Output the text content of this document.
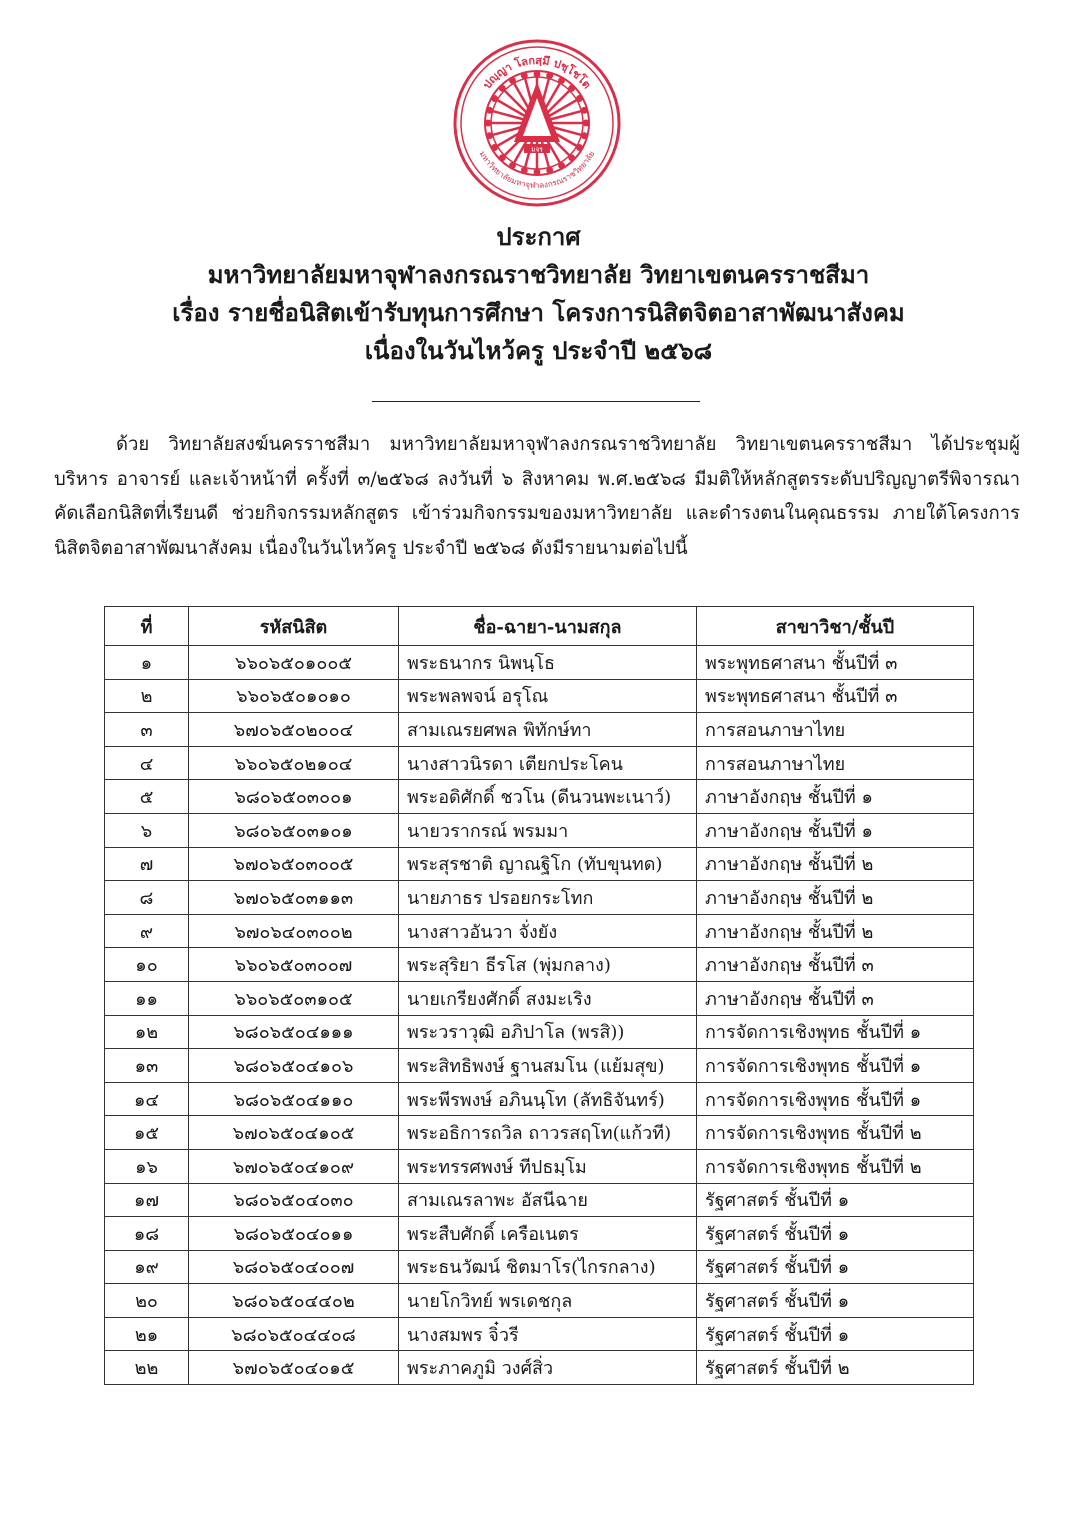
มจร
ปญฺญา โลกสฺมึ ปชฺโชโต
มหาวิทยาลัยมหาจุฬาลงกรณราชวิทยาลัย

ประกาศ

มหาวิทยาลัยมหาจุฬาลงกรณราชวิทยาลัย วิทยาเขตนครราชสีมา

เรื่อง รายชื่อนิสิตเข้ารับทุนการศึกษา โครงการนิสิตจิตอาสาพัฒนาสังคม

เนื่องในวันไหว้ครู ประจำปี ๒๕๖๘

ด้วย วิทยาลัยสงฆ์นครราชสีมา มหาวิทยาลัยมหาจุฬาลงกรณราชวิทยาลัย วิทยาเขตนครราชสีมา ได้ประชุมผู้บริหาร อาจารย์ และเจ้าหน้าที่ ครั้งที่ ๓/๒๕๖๘ ลงวันที่ ๖ สิงหาคม พ.ศ.๒๕๖๘ มีมติให้หลักสูตรระดับปริญญาตรีพิจารณาคัดเลือกนิสิตที่เรียนดี ช่วยกิจกรรมหลักสูตร เข้าร่วมกิจกรรมของมหาวิทยาลัย และดำรงตนในคุณธรรม ภายใต้โครงการนิสิตจิตอาสาพัฒนาสังคม เนื่องในวันไหว้ครู ประจำปี ๒๕๖๘ ดังมีรายนามต่อไปนี้
ที่	รหัสนิสิต	ชื่อ-ฉายา-นามสกุล	สาขาวิชา/ชั้นปี
๑	๖๖๐๖๕๐๑๐๐๕	พระธนากร นิพนฺโธ	พระพุทธศาสนา ชั้นปีที่ ๓
๒	๖๖๐๖๕๐๑๐๑๐	พระพลพจน์ อรุโณ	พระพุทธศาสนา ชั้นปีที่ ๓
๓	๖๗๐๖๕๐๒๐๐๔	สามเณรยศพล พิทักษ์ทา	การสอนภาษาไทย
๔	๖๖๐๖๕๐๒๑๐๔	นางสาวนิรดา เตียกประโคน	การสอนภาษาไทย
๕	๖๘๐๖๕๐๓๐๐๑	พระอดิศักดิ์ ชวโน (ดีนวนพะเนาว์)	ภาษาอังกฤษ ชั้นปีที่ ๑
๖	๖๘๐๖๕๐๓๑๐๑	นายวรากรณ์ พรมมา	ภาษาอังกฤษ ชั้นปีที่ ๑
๗	๖๗๐๖๕๐๓๐๐๕	พระสุรชาติ ญาณฐิโก (ทับขุนทด)	ภาษาอังกฤษ ชั้นปีที่ ๒
๘	๖๗๐๖๕๐๓๑๑๓	นายภาธร ปรอยกระโทก	ภาษาอังกฤษ ชั้นปีที่ ๒
๙	๖๗๐๖๔๐๓๐๐๒	นางสาวอันวา จั่งยัง	ภาษาอังกฤษ ชั้นปีที่ ๒
๑๐	๖๖๐๖๕๐๓๐๐๗	พระสุริยา ธีรโส (พุ่มกลาง)	ภาษาอังกฤษ ชั้นปีที่ ๓
๑๑	๖๖๐๖๕๐๓๑๐๕	นายเกรียงศักดิ์ สงมะเริง	ภาษาอังกฤษ ชั้นปีที่ ๓
๑๒	๖๘๐๖๕๐๔๑๑๑	พระวราวุฒิ อภิปาโล (พรสิ))	การจัดการเชิงพุทธ ชั้นปีที่ ๑
๑๓	๖๘๐๖๕๐๔๑๐๖	พระสิทธิพงษ์ ฐานสมโน (แย้มสุข)	การจัดการเชิงพุทธ ชั้นปีที่ ๑
๑๔	๖๘๐๖๕๐๔๑๑๐	พระพีรพงษ์ อภินนฺโท (ลัทธิจันทร์)	การจัดการเชิงพุทธ ชั้นปีที่ ๑
๑๕	๖๗๐๖๕๐๔๑๐๕	พระอธิการถวิล ถาวรสฤโท(แก้วที)	การจัดการเชิงพุทธ ชั้นปีที่ ๒
๑๖	๖๗๐๖๕๐๔๑๐๙	พระทรรศพงษ์ ทีปธมฺโม	การจัดการเชิงพุทธ ชั้นปีที่ ๒
๑๗	๖๘๐๖๕๐๔๐๓๐	สามเณรลาพะ อัสนีฉาย	รัฐศาสตร์ ชั้นปีที่ ๑
๑๘	๖๘๐๖๕๐๔๐๑๑	พระสืบศักดิ์ เครือเนตร	รัฐศาสตร์ ชั้นปีที่ ๑
๑๙	๖๘๐๖๕๐๔๐๐๗	พระธนวัฒน์ ชิตมาโร(ไกรกลาง)	รัฐศาสตร์ ชั้นปีที่ ๑
๒๐	๖๘๐๖๕๐๔๔๐๒	นายโกวิทย์ พรเดชกุล	รัฐศาสตร์ ชั้นปีที่ ๑
๒๑	๖๘๐๖๕๐๔๔๐๘	นางสมพร จิ๋วรี	รัฐศาสตร์ ชั้นปีที่ ๑
๒๒	๖๗๐๖๕๐๔๐๑๕	พระภาคภูมิ วงศ์สิ่ว	รัฐศาสตร์ ชั้นปีที่ ๒
